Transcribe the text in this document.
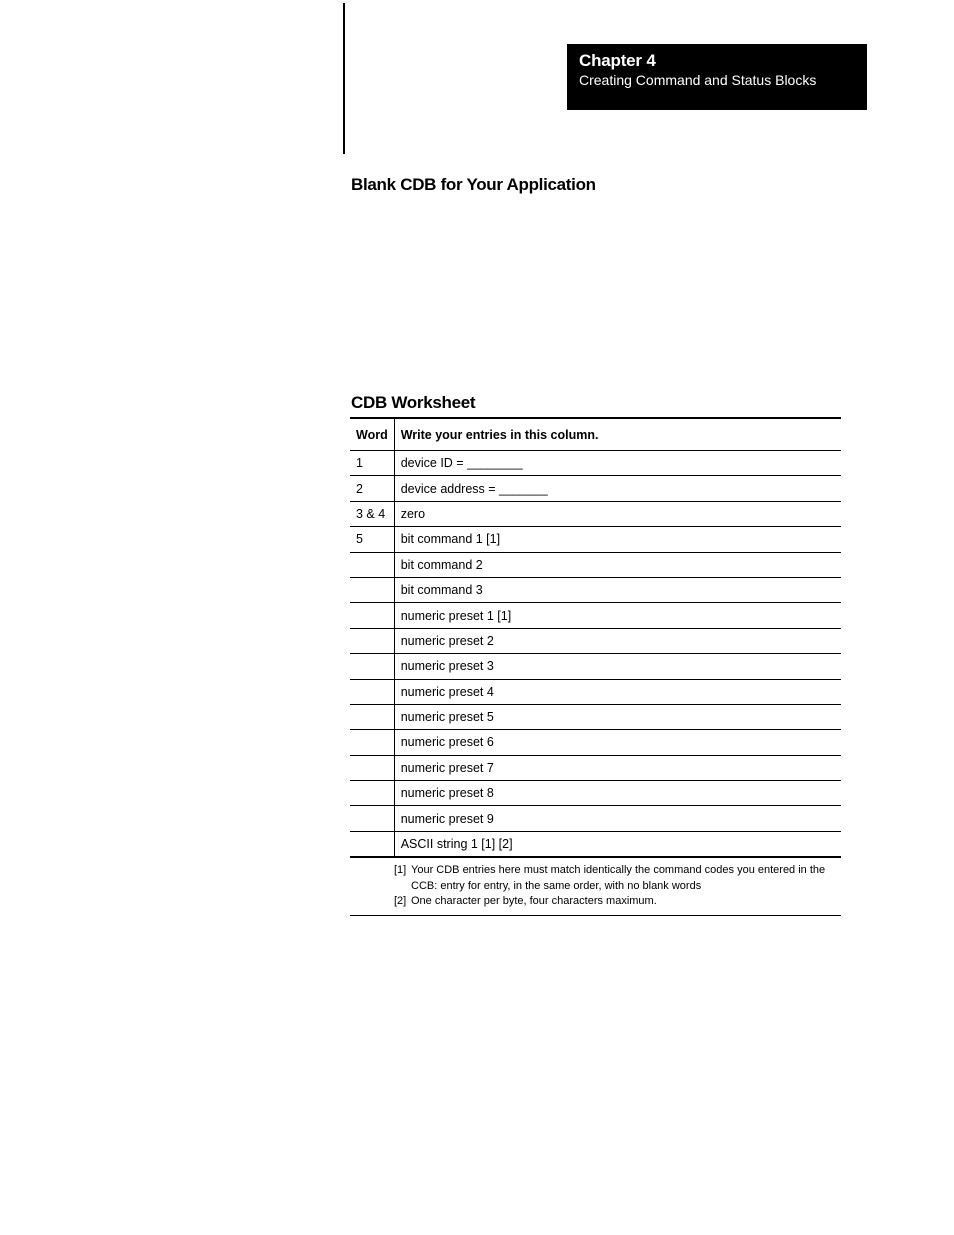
Chapter 4
Creating Command and Status Blocks
Blank CDB for Your Application
CDB Worksheet
Word	Write your entries in this column.
1	device ID = ________
2	device address = _______
3 & 4	zero
5	bit command 1 [1]
	bit command 2
	bit command 3
	numeric preset 1 [1]
	numeric preset 2
	numeric preset 3
	numeric preset 4
	numeric preset 5
	numeric preset 6
	numeric preset 7
	numeric preset 8
	numeric preset 9
	ASCII string 1 [1] [2]

[1] Your CDB entries here must match identically the command codes you entered in the CCB: entry for entry, in the same order, with no blank words
[2] One character per byte, four characters maximum.	
